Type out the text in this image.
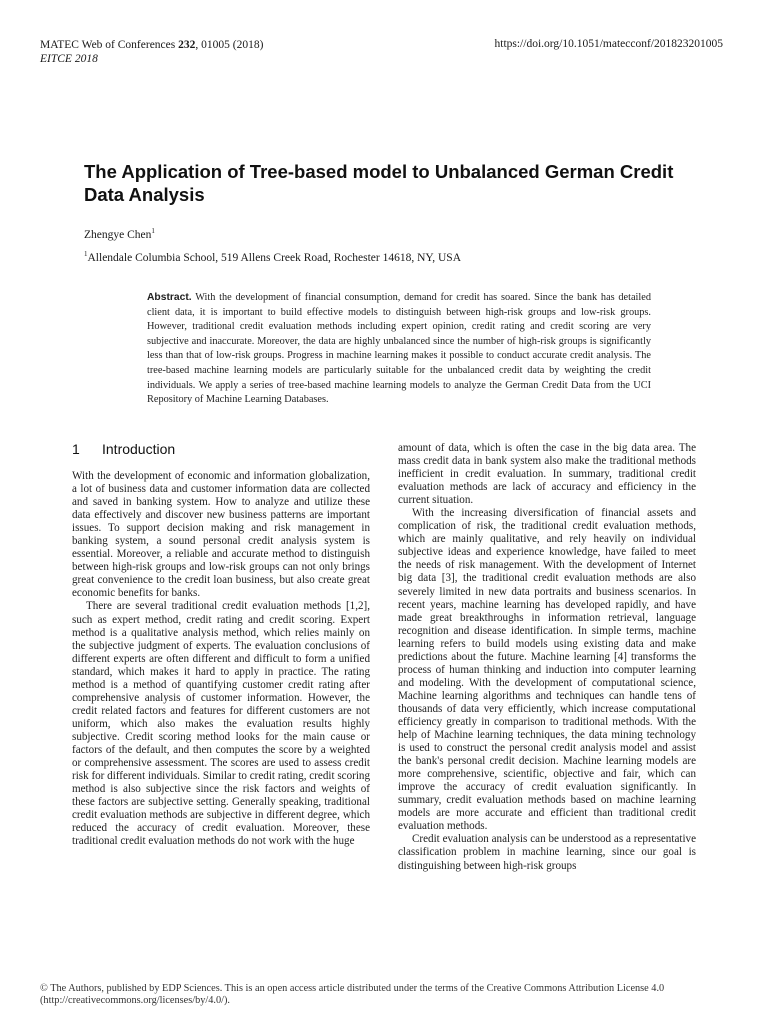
MATEC Web of Conferences 232, 01005 (2018)
EITCE 2018
https://doi.org/10.1051/matecconf/201823201005
The Application of Tree-based model to Unbalanced German Credit Data Analysis
Zhengye Chen$^1$
$^1$Allendale Columbia School, 519 Allens Creek Road, Rochester 14618, NY, USA
Abstract. With the development of financial consumption, demand for credit has soared. Since the bank has detailed client data, it is important to build effective models to distinguish between high-risk groups and low-risk groups. However, traditional credit evaluation methods including expert opinion, credit rating and credit scoring are very subjective and inaccurate. Moreover, the data are highly unbalanced since the number of high-risk groups is significantly less than that of low-risk groups. Progress in machine learning makes it possible to conduct accurate credit analysis. The tree-based machine learning models are particularly suitable for the unbalanced credit data by weighting the credit individuals. We apply a series of tree-based machine learning models to analyze the German Credit Data from the UCI Repository of Machine Learning Databases.
1 Introduction

With the development of economic and information globalization, a lot of business data and customer information data are collected and saved in banking system. How to analyze and utilize these data effectively and discover new business patterns are important issues. To support decision making and risk management in banking system, a sound personal credit analysis system is essential. Moreover, a reliable and accurate method to distinguish between high-risk groups and low-risk groups can not only brings great convenience to the credit loan business, but also create great economic benefits for banks.

There are several traditional credit evaluation methods [1,2], such as expert method, credit rating and credit scoring. Expert method is a qualitative analysis method, which relies mainly on the subjective judgment of experts. The evaluation conclusions of different experts are often different and difficult to form a unified standard, which makes it hard to apply in practice. The rating method is a method of quantifying customer credit rating after comprehensive analysis of customer information. However, the credit related factors and features for different customers are not uniform, which also makes the evaluation results highly subjective. Credit scoring method looks for the main cause or factors of the default, and then computes the score by a weighted or comprehensive assessment. The scores are used to assess credit risk for different individuals. Similar to credit rating, credit scoring method is also subjective since the risk factors and weights of these factors are subjective setting. Generally speaking, traditional credit evaluation methods are subjective in different degree, which reduced the accuracy of credit evaluation. Moreover, these traditional credit evaluation methods do not work with the huge

amount of data, which is often the case in the big data area. The mass credit data in bank system also make the traditional methods inefficient in credit evaluation. In summary, traditional credit evaluation methods are lack of accuracy and efficiency in the current situation.

With the increasing diversification of financial assets and complication of risk, the traditional credit evaluation methods, which are mainly qualitative, and rely heavily on individual subjective ideas and experience knowledge, have failed to meet the needs of risk management. With the development of Internet big data [3], the traditional credit evaluation methods are also severely limited in new data portraits and business scenarios. In recent years, machine learning has developed rapidly, and have made great breakthroughs in information retrieval, language recognition and disease identification. In simple terms, machine learning refers to build models using existing data and make predictions about the future. Machine learning [4] transforms the process of human thinking and induction into computer learning and modeling. With the development of computational science, Machine learning algorithms and techniques can handle tens of thousands of data very efficiently, which increase computational efficiency greatly in comparison to traditional methods. With the help of Machine learning techniques, the data mining technology is used to construct the personal credit analysis model and assist the bank's personal credit decision. Machine learning models are more comprehensive, scientific, objective and fair, which can improve the accuracy of credit evaluation significantly. In summary, credit evaluation methods based on machine learning models are more accurate and efficient than traditional credit evaluation methods.

Credit evaluation analysis can be understood as a representative classification problem in machine learning, since our goal is distinguishing between high-risk groups

© The Authors, published by EDP Sciences. This is an open access article distributed under the terms of the Creative Commons Attribution License 4.0 (http://creativecommons.org/licenses/by/4.0/).
